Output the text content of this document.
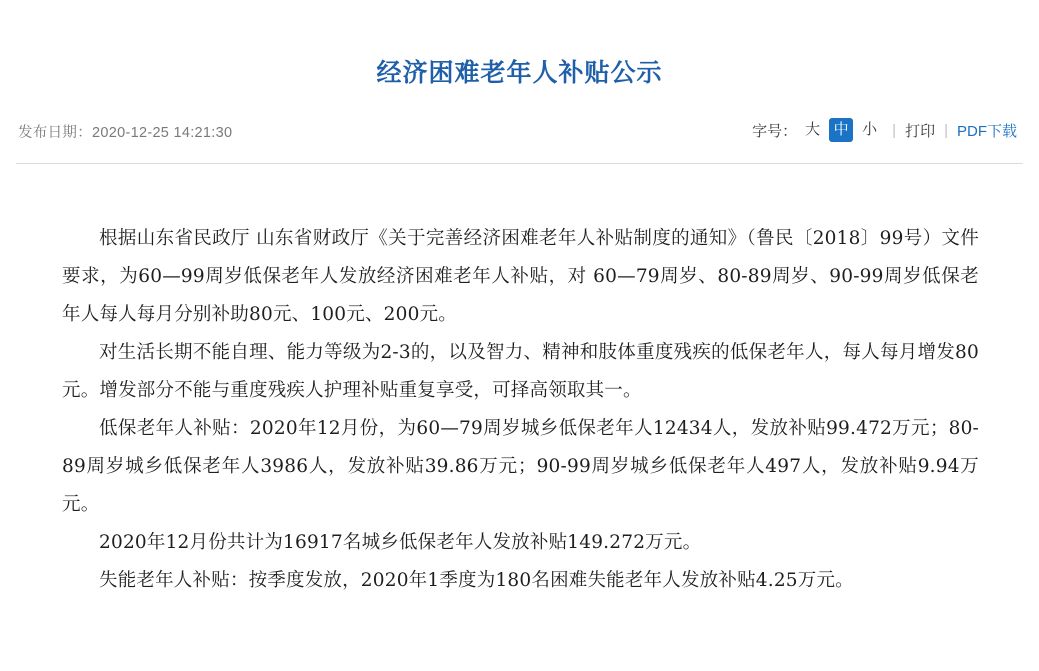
经济困难老年人补贴公示
发布日期：2020-12-25 14:21:30	字号： 大 中 小	| 打印 | PDF下载

根据山东省民政厅 山东省财政厅《关于完善经济困难老年人补贴制度的通知》（鲁民〔2018〕99号）文件要求，为60—99周岁低保老年人发放经济困难老年人补贴，对 60—79周岁、80-89周岁、90-99周岁低保老年人每人每月分别补助80元、100元、200元。

对生活长期不能自理、能力等级为2-3的，以及智力、精神和肢体重度残疾的低保老年人，每人每月增发80元。增发部分不能与重度残疾人护理补贴重复享受，可择高领取其一。

低保老年人补贴：2020年12月份，为60—79周岁城乡低保老年人12434人，发放补贴99.472万元；80-89周岁城乡低保老年人3986人，发放补贴39.86万元；90-99周岁城乡低保老年人497人，发放补贴9.94万元。

2020年12月份共计为16917名城乡低保老年人发放补贴149.272万元。

失能老年人补贴：按季度发放，2020年1季度为180名困难失能老年人发放补贴4.25万元。
